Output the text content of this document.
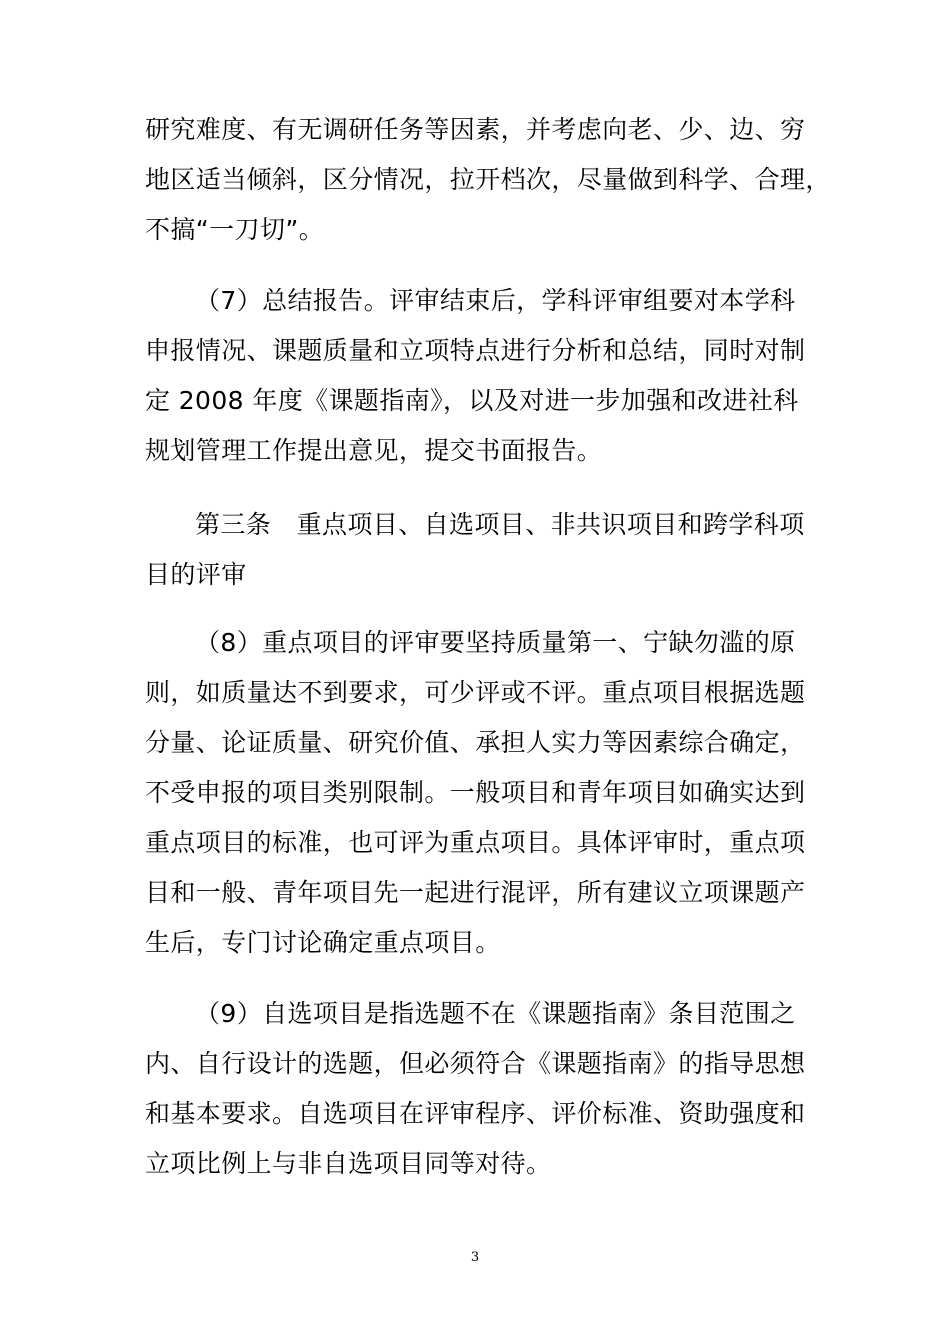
研究难度、有无调研任务等因素，并考虑向老、少、边、穷
地区适当倾斜，区分情况，拉开档次，尽量做到科学、合理，
不搞“一刀切”。
（7）总结报告。评审结束后，学科评审组要对本学科
申报情况、课题质量和立项特点进行分析和总结，同时对制
定 2008 年度《课题指南》，以及对进一步加强和改进社科
规划管理工作提出意见，提交书面报告。
第三条　重点项目、自选项目、非共识项目和跨学科项
目的评审
（8）重点项目的评审要坚持质量第一、宁缺勿滥的原
则，如质量达不到要求，可少评或不评。重点项目根据选题
分量、论证质量、研究价值、承担人实力等因素综合确定，
不受申报的项目类别限制。一般项目和青年项目如确实达到
重点项目的标准，也可评为重点项目。具体评审时，重点项
目和一般、青年项目先一起进行混评，所有建议立项课题产
生后，专门讨论确定重点项目。
（9）自选项目是指选题不在《课题指南》条目范围之
内、自行设计的选题，但必须符合《课题指南》的指导思想
和基本要求。自选项目在评审程序、评价标准、资助强度和
立项比例上与非自选项目同等对待。
3
